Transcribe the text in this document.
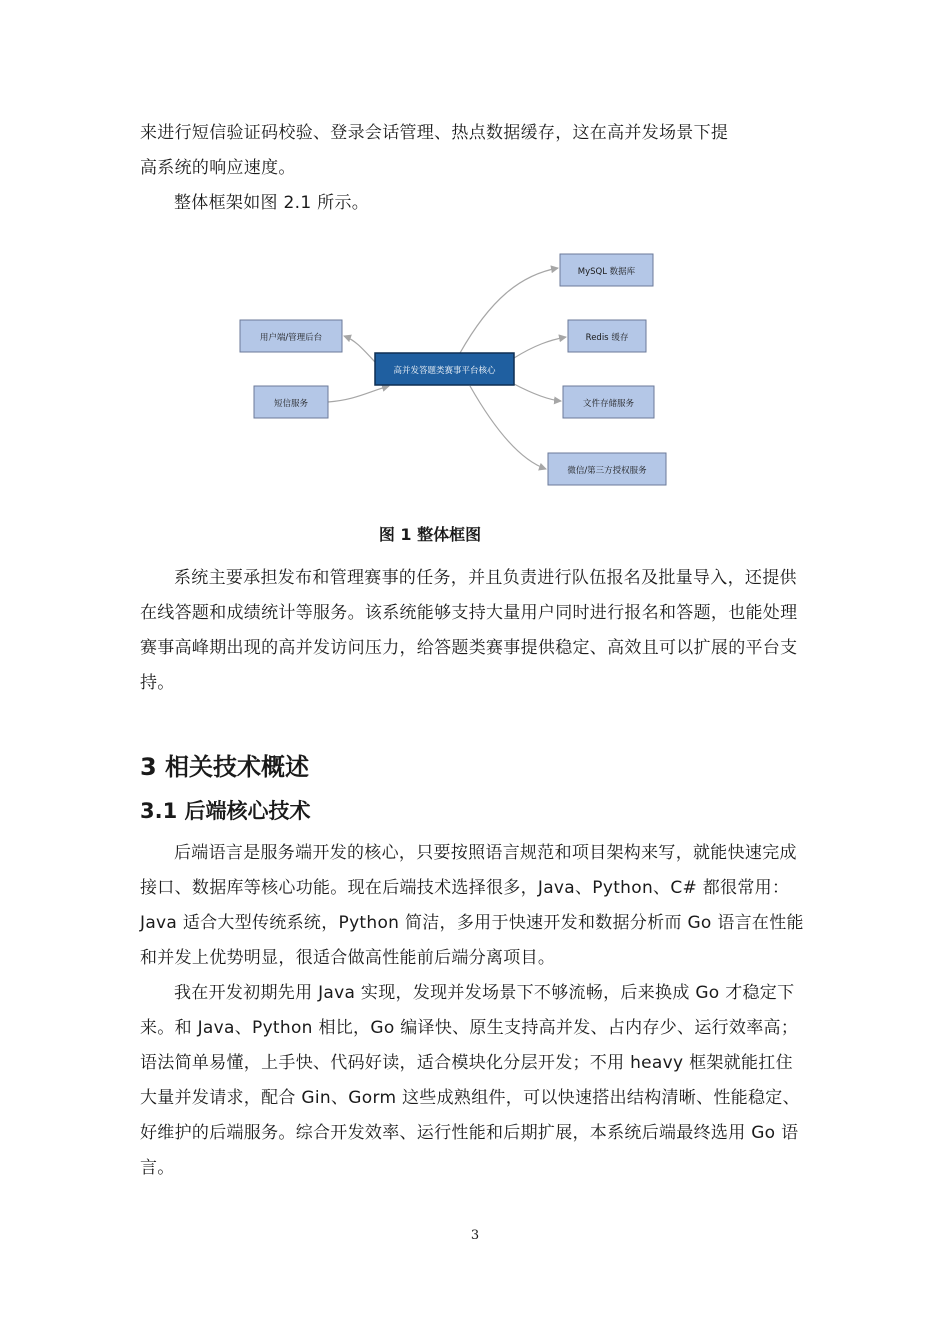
来进行短信验证码校验、登录会话管理、热点数据缓存，这在高并发场景下提
高系统的响应速度。

整体框架如图 2.1 所示。

用户端/管理后台
短信服务
高并发答题类赛事平台核心
MySQL 数据库
Redis 缓存
文件存储服务
微信/第三方授权服务

图 1 整体框图

系统主要承担发布和管理赛事的任务，并且负责进行队伍报名及批量导入，还提供在线答题和成绩统计等服务。该系统能够支持大量用户同时进行报名和答题，也能处理赛事高峰期出现的高并发访问压力，给答题类赛事提供稳定、高效且可以扩展的平台支持。

3 相关技术概述
3.1 后端核心技术

后端语言是服务端开发的核心，只要按照语言规范和项目架构来写，就能快速完成接口、数据库等核心功能。现在后端技术选择很多，Java、Python、C# 都很常用：Java 适合大型传统系统，Python 简洁，多用于快速开发和数据分析而 Go 语言在性能和并发上优势明显，很适合做高性能前后端分离项目。

我在开发初期先用 Java 实现，发现并发场景下不够流畅，后来换成 Go 才稳定下来。和 Java、Python 相比，Go 编译快、原生支持高并发、占内存少、运行效率高；语法简单易懂，上手快、代码好读，适合模块化分层开发；不用 heavy 框架就能扛住大量并发请求，配合 Gin、Gorm 这些成熟组件，可以快速搭出结构清晰、性能稳定、好维护的后端服务。综合开发效率、运行性能和后期扩展，本系统后端最终选用 Go 语言。

3
